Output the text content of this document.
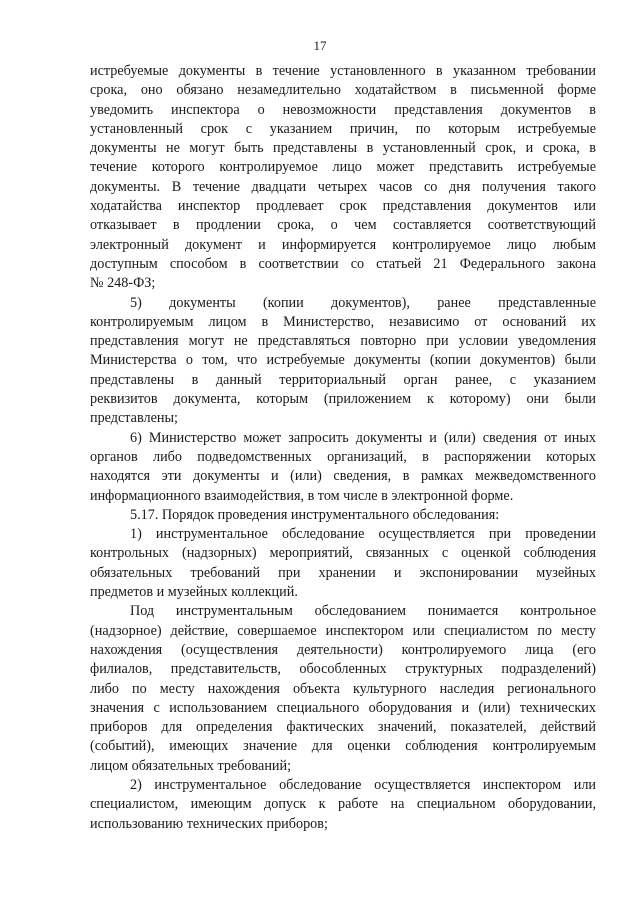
17
истребуемые документы в течение установленного в указанном требовании
срока, оно обязано незамедлительно ходатайством в письменной форме
уведомить инспектора о невозможности представления документов в
установленный срок с указанием причин, по которым истребуемые
документы не могут быть представлены в установленный срок, и срока, в
течение которого контролируемое лицо может представить истребуемые
документы. В течение двадцати четырех часов со дня получения такого
ходатайства инспектор продлевает срок представления документов или
отказывает в продлении срока, о чем составляется соответствующий
электронный документ и информируется контролируемое лицо любым
доступным способом в соответствии со статьей 21 Федерального закона
№ 248-ФЗ;
5) документы (копии документов), ранее представленные
контролируемым лицом в Министерство, независимо от оснований их
представления могут не представляться повторно при условии уведомления
Министерства о том, что истребуемые документы (копии документов) были
представлены в данный территориальный орган ранее, с указанием
реквизитов документа, которым (приложением к которому) они были
представлены;
6) Министерство может запросить документы и (или) сведения от иных
органов либо подведомственных организаций, в распоряжении которых
находятся эти документы и (или) сведения, в рамках межведомственного
информационного взаимодействия, в том числе в электронной форме.
5.17. Порядок проведения инструментального обследования:
1) инструментальное обследование осуществляется при проведении
контрольных (надзорных) мероприятий, связанных с оценкой соблюдения
обязательных требований при хранении и экспонировании музейных
предметов и музейных коллекций.
Под инструментальным обследованием понимается контрольное
(надзорное) действие, совершаемое инспектором или специалистом по месту
нахождения (осуществления деятельности) контролируемого лица (его
филиалов, представительств, обособленных структурных подразделений)
либо по месту нахождения объекта культурного наследия регионального
значения с использованием специального оборудования и (или) технических
приборов для определения фактических значений, показателей, действий
(событий), имеющих значение для оценки соблюдения контролируемым
лицом обязательных требований;
2) инструментальное обследование осуществляется инспектором или
специалистом, имеющим допуск к работе на специальном оборудовании,
использованию технических приборов;
